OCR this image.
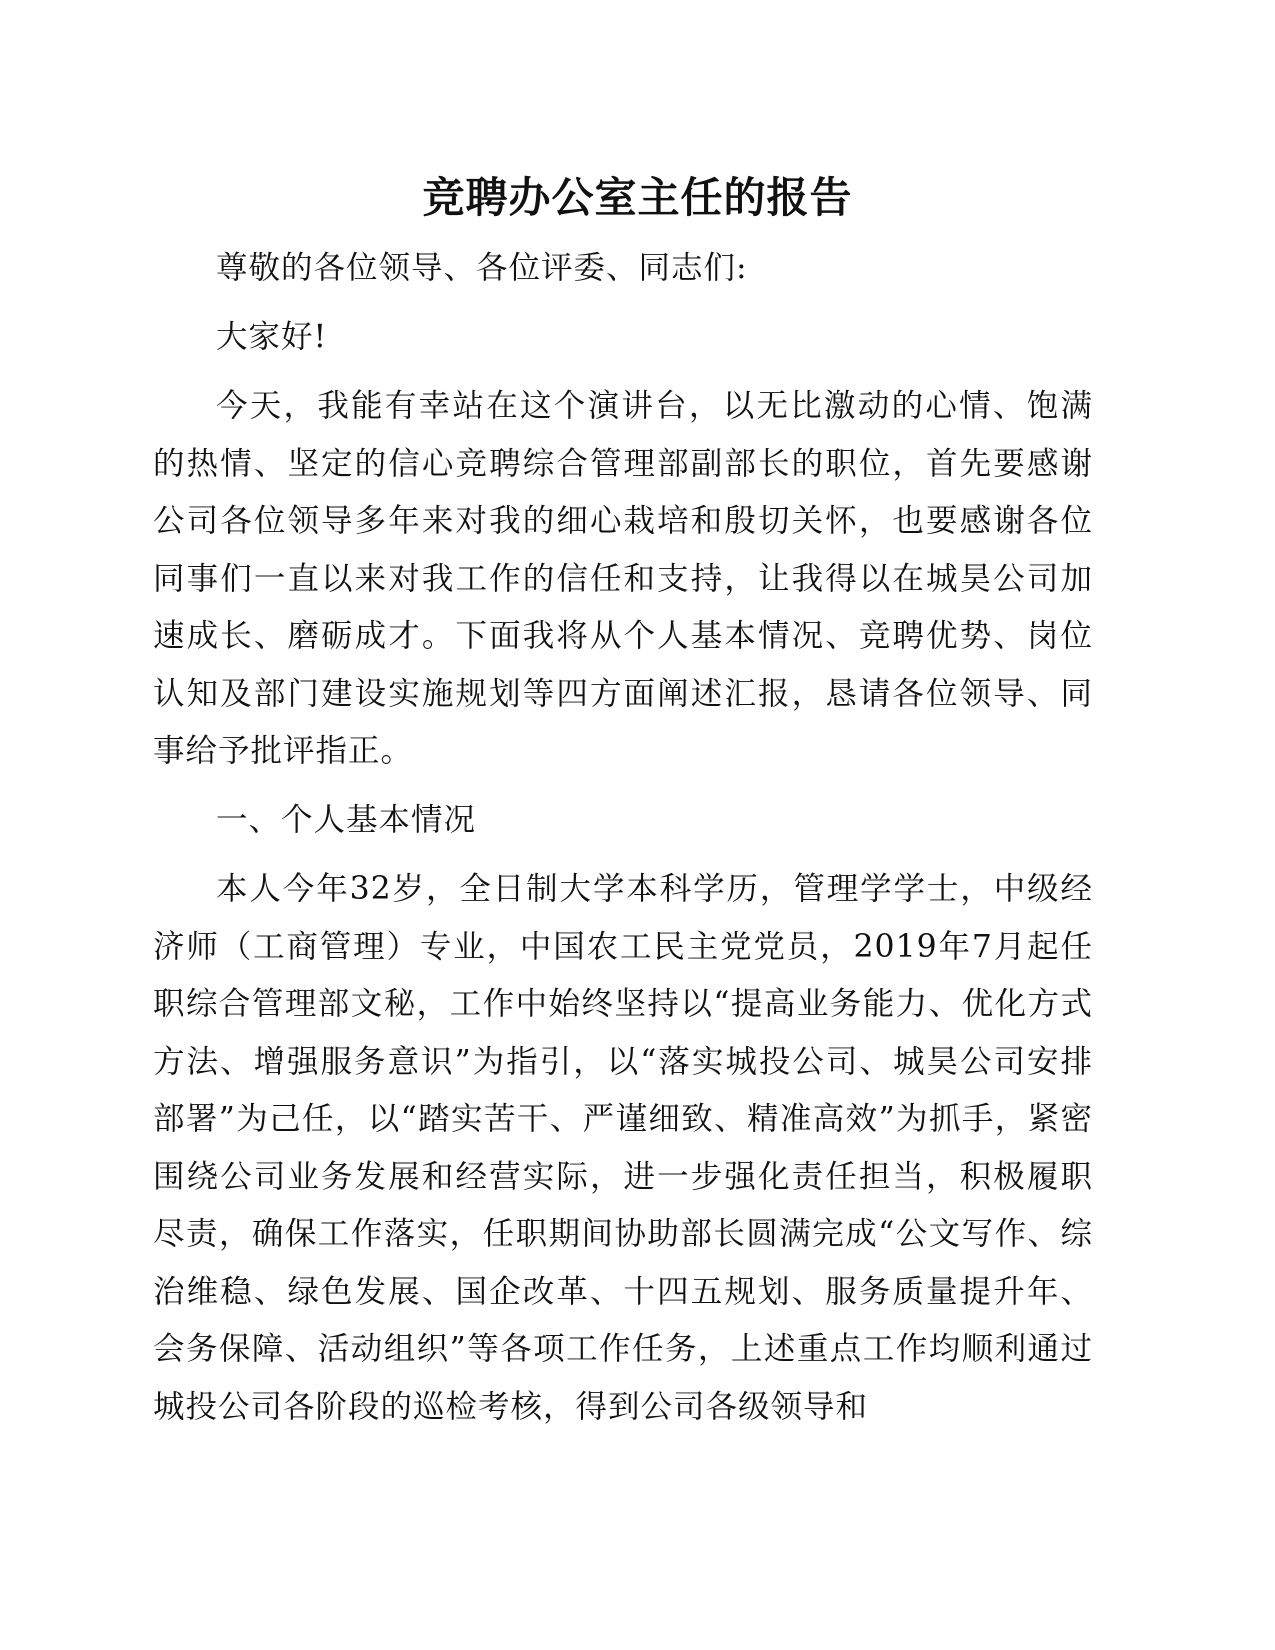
竞聘办公室主任的报告

尊敬的各位领导、各位评委、同志们:

大家好!

今天，我能有幸站在这个演讲台，以无比激动的心情、饱满的热情、坚定的信心竞聘综合管理部副部长的职位，首先要感谢公司各位领导多年来对我的细心栽培和殷切关怀，也要感谢各位同事们一直以来对我工作的信任和支持，让我得以在城昊公司加速成长、磨砺成才。下面我将从个人基本情况、竞聘优势、岗位认知及部门建设实施规划等四方面阐述汇报，恳请各位领导、同事给予批评指正。

一、个人基本情况

本人今年32岁，全日制大学本科学历，管理学学士，中级经济师（工商管理）专业，中国农工民主党党员，2019年7月起任职综合管理部文秘，工作中始终坚持以“提高业务能力、优化方式方法、增强服务意识”为指引，以“落实城投公司、城昊公司安排部署”为己任，以“踏实苦干、严谨细致、精准高效”为抓手，紧密围绕公司业务发展和经营实际，进一步强化责任担当，积极履职尽责，确保工作落实，任职期间协助部长圆满完成“公文写作、综治维稳、绿色发展、国企改革、十四五规划、服务质量提升年、会务保障、活动组织”等各项工作任务，上述重点工作均顺利通过城投公司各阶段的巡检考核，得到公司各级领导和
